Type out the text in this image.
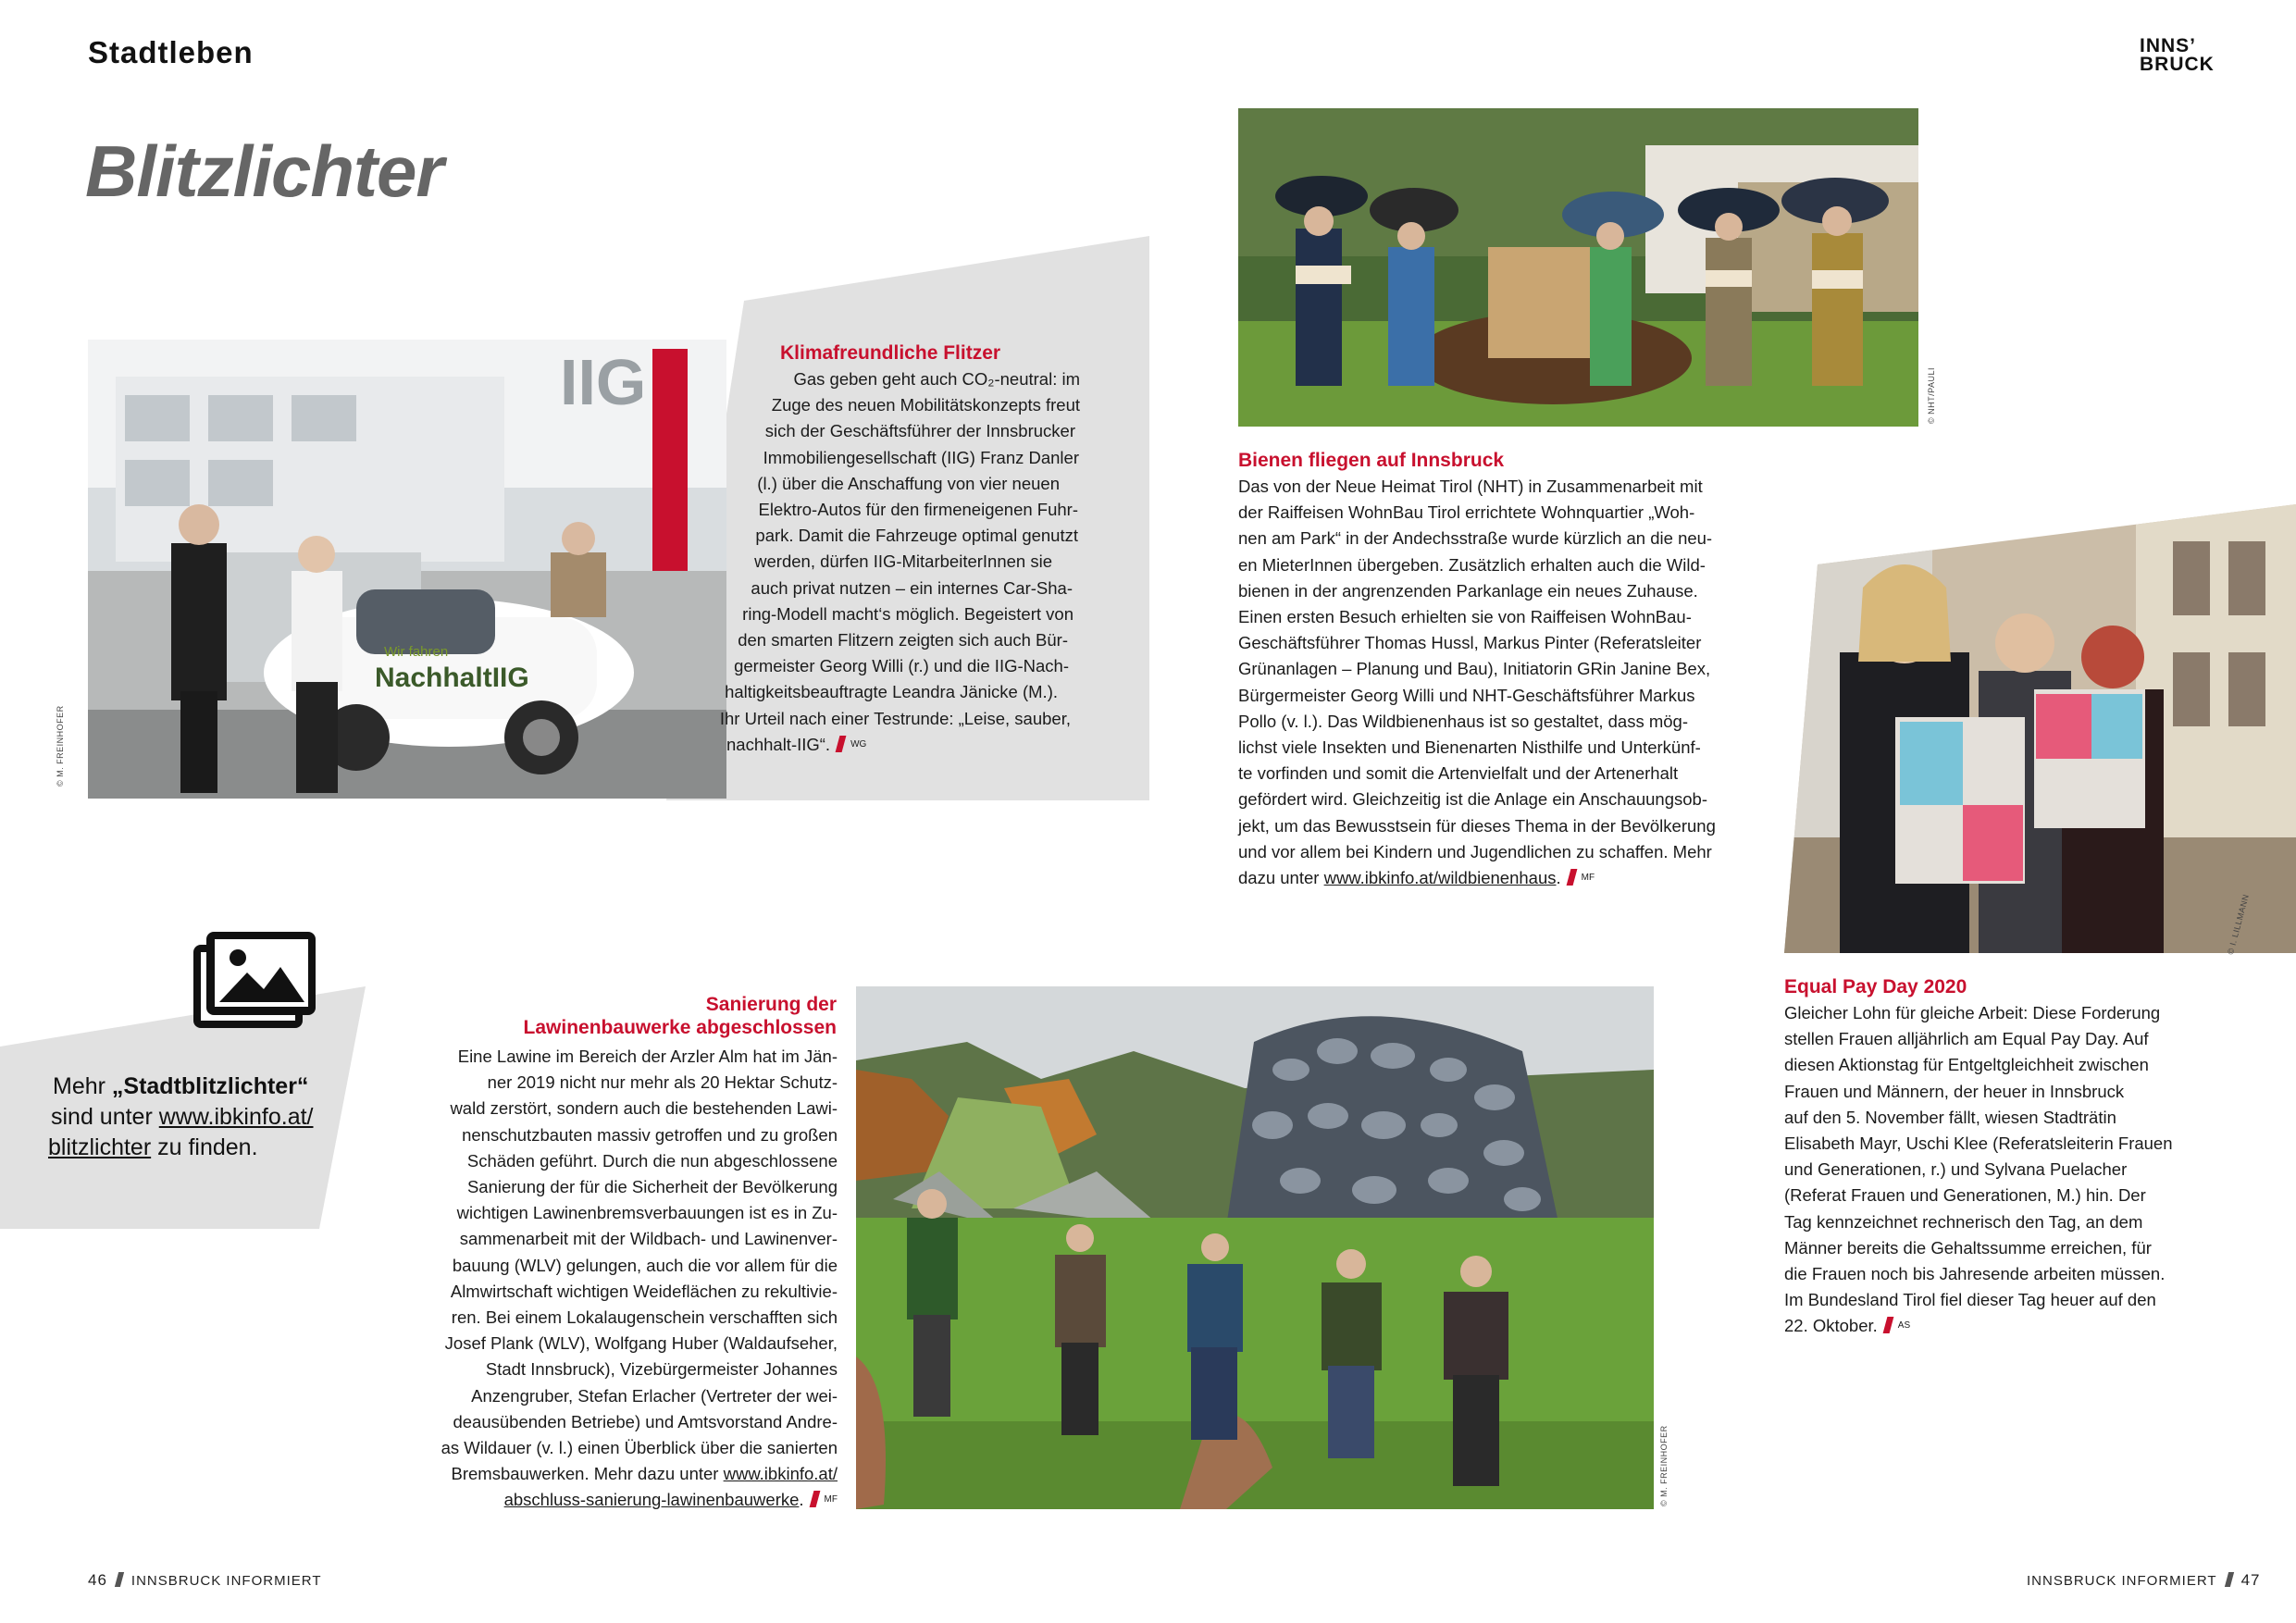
Stadtleben	INNS’
BRUCK
Blitzlichter
IIG
NachhaltIIG
Wir fahren
© M. FREINHOFER
Klimafreundliche Flitzer
Gas geben geht auch CO₂-neutral: im
Zuge des neuen Mobilitätskonzepts freut
sich der Geschäftsführer der Innsbrucker
Immobiliengesellschaft (IIG) Franz Danler
(l.) über die Anschaffung von vier neuen
Elektro-Autos für den firmeneigenen Fuhr-
park. Damit die Fahrzeuge optimal genutzt
werden, dürfen IIG-MitarbeiterInnen sie
auch privat nutzen – ein internes Car-Sha-
ring-Modell macht‘s möglich. Begeistert von
den smarten Flitzern zeigten sich auch Bür-
germeister Georg Willi (r.) und die IIG-Nach-
haltigkeitsbeauftragte Leandra Jänicke (M.).
Ihr Urteil nach einer Testrunde: „Leise, sauber,
nachhalt-IIG“. $^{WG}$
© NHT/PAULI
Bienen fliegen auf Innsbruck
Das von der Neue Heimat Tirol (NHT) in Zusammenarbeit mit
der Raiffeisen WohnBau Tirol errichtete Wohnquartier „Woh-
nen am Park“ in der Andechsstraße wurde kürzlich an die neu-
en MieterInnen übergeben. Zusätzlich erhalten auch die Wild-
bienen in der angrenzenden Parkanlage ein neues Zuhause.
Einen ersten Besuch erhielten sie von Raiffeisen WohnBau-
Geschäftsführer Thomas Hussl, Markus Pinter (Referatsleiter
Grünanlagen – Planung und Bau), Initiatorin GRin Janine Bex,
Bürgermeister Georg Willi und NHT-Geschäftsführer Markus
Pollo (v. l.). Das Wildbienenhaus ist so gestaltet, dass mög-
lichst viele Insekten und Bienenarten Nisthilfe und Unterkünf-
te vorfinden und somit die Artenvielfalt und der Artenerhalt
gefördert wird. Gleichzeitig ist die Anlage ein Anschauungsob-
jekt, um das Bewusstsein für dieses Thema in der Bevölkerung
und vor allem bei Kindern und Jugendlichen zu schaffen. Mehr
dazu unter www.ibkinfo.at/wildbienenhaus. $^{MF}$
© I. LILLMANN
Equal Pay Day 2020
Gleicher Lohn für gleiche Arbeit: Diese Forderung
stellen Frauen alljährlich am Equal Pay Day. Auf
diesen Aktionstag für Entgeltgleichheit zwischen
Frauen und Männern, der heuer in Innsbruck
auf den 5. November fällt, wiesen Stadträtin
Elisabeth Mayr, Uschi Klee (Referatsleiterin Frauen
und Generationen, r.) und Sylvana Puelacher
(Referat Frauen und Generationen, M.) hin. Der
Tag kennzeichnet rechnerisch den Tag, an dem
Männer bereits die Gehaltssumme erreichen, für
die Frauen noch bis Jahresende arbeiten müssen.
Im Bundesland Tirol fiel dieser Tag heuer auf den
22. Oktober. $^{AS}$
Mehr „Stadtblitzlichter“
sind unter www.ibkinfo.at/
blitzlichter zu finden.
Sanierung der
Lawinenbauwerke abgeschlossen
Eine Lawine im Bereich der Arzler Alm hat im Jän-
ner 2019 nicht nur mehr als 20 Hektar Schutz-
wald zerstört, sondern auch die bestehenden Lawi-
nenschutzbauten massiv getroffen und zu großen
Schäden geführt. Durch die nun abgeschlossene
Sanierung der für die Sicherheit der Bevölkerung
wichtigen Lawinenbremsverbauungen ist es in Zu-
sammenarbeit mit der Wildbach- und Lawinenver-
bauung (WLV) gelungen, auch die vor allem für die
Almwirtschaft wichtigen Weideflächen zu rekultivie-
ren. Bei einem Lokalaugenschein verschafften sich
Josef Plank (WLV), Wolfgang Huber (Waldaufseher,
Stadt Innsbruck), Vizebürgermeister Johannes
Anzengruber, Stefan Erlacher (Vertreter der wei-
deausübenden Betriebe) und Amtsvorstand Andre-
as Wildauer (v. l.) einen Überblick über die sanierten
Bremsbauwerken. Mehr dazu unter www.ibkinfo.at/
abschluss-sanierung-lawinenbauwerke. $^{MF}$	© M. FREINHOFER
46 INNSBRUCK INFORMIERT	INNSBRUCK INFORMIERT 47
